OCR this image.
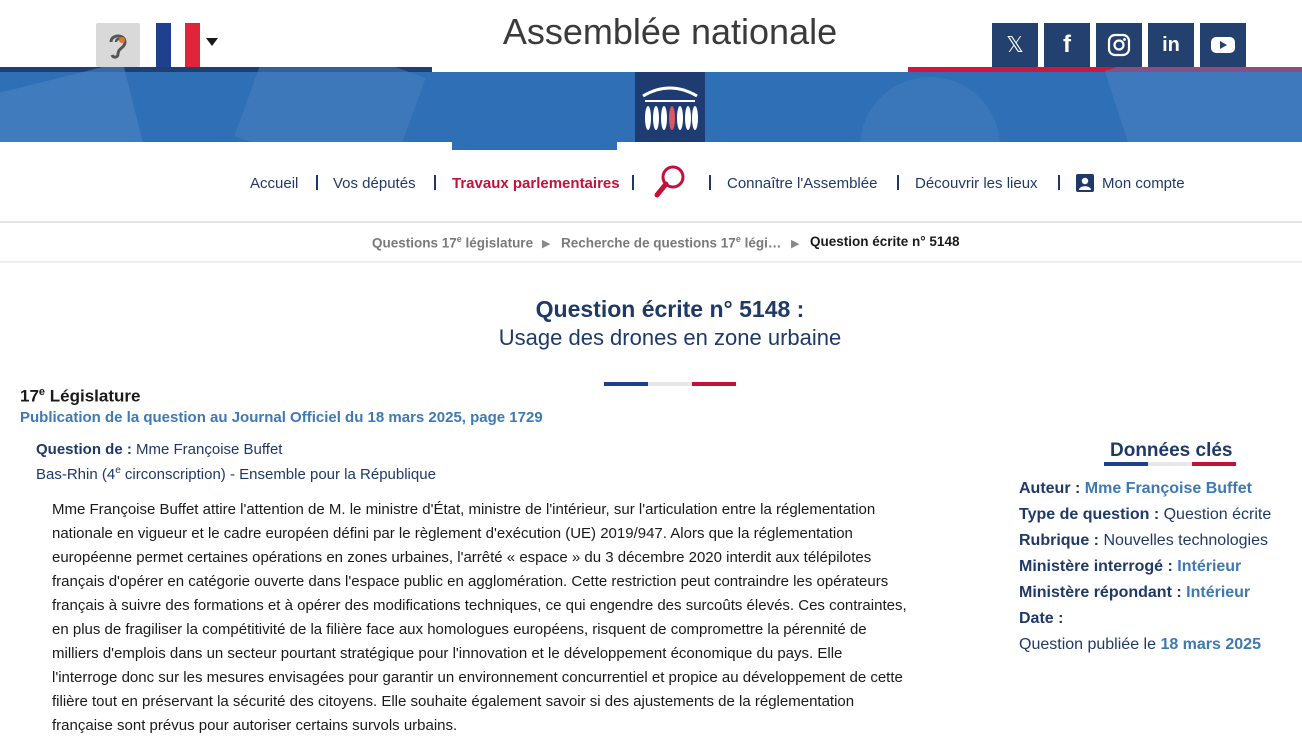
Assemblée nationale	𝕏 f	in
Accueil Vos députés Travaux parlementaires	Connaître l'Assemblée	Découvrir les lieux	Mon compte
Questions 17e législature ▶ Recherche de questions 17e légi… ▶ Question écrite n° 5148
Question écrite n° 5148 :
Usage des drones en zone urbaine
17e Législature
Publication de la question au Journal Officiel du 18 mars 2025, page 1729
Question de : Mme Françoise Buffet
Bas-Rhin (4e circonscription) - Ensemble pour la République
Mme Françoise Buffet attire l'attention de M. le ministre d'État, ministre de l'intérieur, sur l'articulation entre la réglementation
nationale en vigueur et le cadre européen défini par le règlement d'exécution (UE) 2019/947. Alors que la réglementation
européenne permet certaines opérations en zones urbaines, l'arrêté « espace » du 3 décembre 2020 interdit aux télépilotes
français d'opérer en catégorie ouverte dans l'espace public en agglomération. Cette restriction peut contraindre les opérateurs
français à suivre des formations et à opérer des modifications techniques, ce qui engendre des surcoûts élevés. Ces contraintes,
en plus de fragiliser la compétitivité de la filière face aux homologues européens, risquent de compromettre la pérennité de
milliers d'emplois dans un secteur pourtant stratégique pour l'innovation et le développement économique du pays. Elle
l'interroge donc sur les mesures envisagées pour garantir un environnement concurrentiel et propice au développement de cette
filière tout en préservant la sécurité des citoyens. Elle souhaite également savoir si des ajustements de la réglementation
française sont prévus pour autoriser certains survols urbains.
Données clés
Auteur : Mme Françoise Buffet
Type de question : Question écrite
Rubrique : Nouvelles technologies
Ministère interrogé : Intérieur
Ministère répondant : Intérieur
Date :
Question publiée le 18 mars 2025
